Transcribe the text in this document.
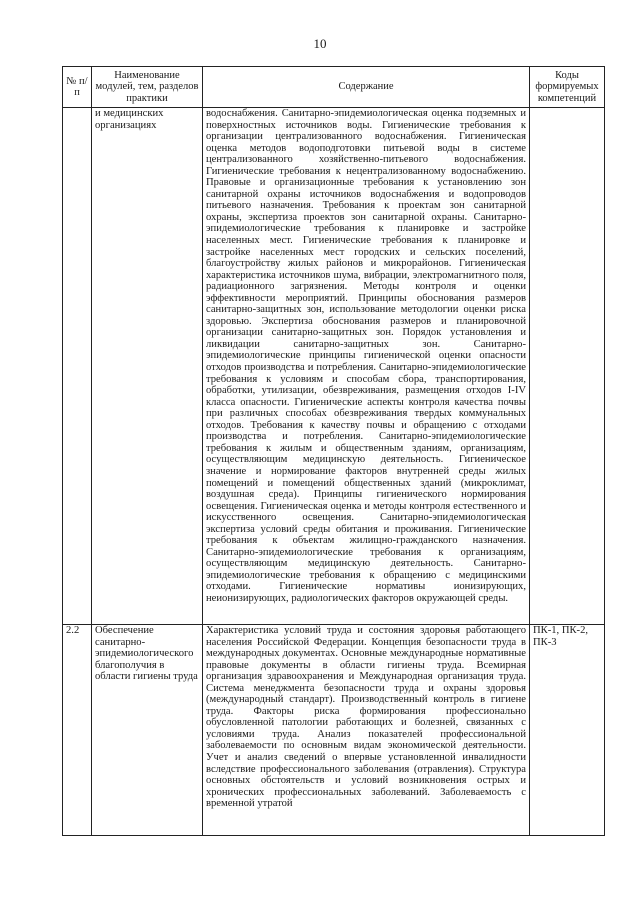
10
№ п/п	Наименование модулей, тем, разделов практики	Содержание	Коды формируемых компетенций
	и медицинских организациях	водоснабжения. Санитарно-эпидемиологическая оценка подземных и поверхностных источников воды. Гигиенические требования к организации централизованного водоснабжения. Гигиеническая оценка методов водоподготовки питьевой воды в системе централизованного хозяйственно-питьевого водоснабжения. Гигиенические требования к нецентрализованному водоснабжению. Правовые и организационные требования к установлению зон санитарной охраны источников водоснабжения и водопроводов питьевого назначения. Требования к проектам зон санитарной охраны, экспертиза проектов зон санитарной охраны. Санитарно-эпидемиологические требования к планировке и застройке населенных мест. Гигиенические требования к планировке и застройке населенных мест городских и сельских поселений, благоустройству жилых районов и микрорайонов. Гигиеническая характеристика источников шума, вибрации, электромагнитного поля, радиационного загрязнения. Методы контроля и оценки эффективности мероприятий. Принципы обоснования размеров санитарно-защитных зон, использование методологии оценки риска здоровью. Экспертиза обоснования размеров и планировочной организации санитарно-защитных зон. Порядок установления и ликвидации санитарно-защитных зон. Санитарно-эпидемиологические принципы гигиенической оценки опасности отходов производства и потребления. Санитарно-эпидемиологические требования к условиям и способам сбора, транспортирования, обработки, утилизации, обезвреживания, размещения отходов I-IV класса опасности. Гигиенические аспекты контроля качества почвы при различных способах обезвреживания твердых коммунальных отходов. Требования к качеству почвы и обращению с отходами производства и потребления. Санитарно-эпидемиологические требования к жилым и общественным зданиям, организациям, осуществляющим медицинскую деятельность. Гигиеническое значение и нормирование факторов внутренней среды жилых помещений и помещений общественных зданий (микроклимат, воздушная среда). Принципы гигиенического нормирования освещения. Гигиеническая оценка и методы контроля естественного и искусственного освещения. Санитарно-эпидемиологическая экспертиза условий среды обитания и проживания. Гигиенические требования к объектам жилищно-гражданского назначения. Санитарно-эпидемиологические требования к организациям, осуществляющим медицинскую деятельность. Санитарно-эпидемиологические требования к обращению с медицинскими отходами. Гигиенические нормативы ионизирующих, неионизирующих, радиологических факторов окружающей среды.	
2.2	Обеспечение санитарно-эпидемиологического благополучия в области гигиены труда	Характеристика условий труда и состояния здоровья работающего населения Российской Федерации. Концепция безопасности труда в международных документах. Основные международные нормативные правовые документы в области гигиены труда. Всемирная организация здравоохранения и Международная организация труда. Система менеджмента безопасности труда и охраны здоровья (международный стандарт). Производственный контроль в гигиене труда. Факторы риска формирования профессионально обусловленной патологии работающих и болезней, связанных с условиями труда. Анализ показателей профессиональной заболеваемости по основным видам экономической деятельности. Учет и анализ сведений о впервые установленной инвалидности вследствие профессионального заболевания (отравления). Структура основных обстоятельств и условий возникновения острых и хронических профессиональных заболеваний. Заболеваемость с временной утратой	ПК-1, ПК-2, ПК-3
